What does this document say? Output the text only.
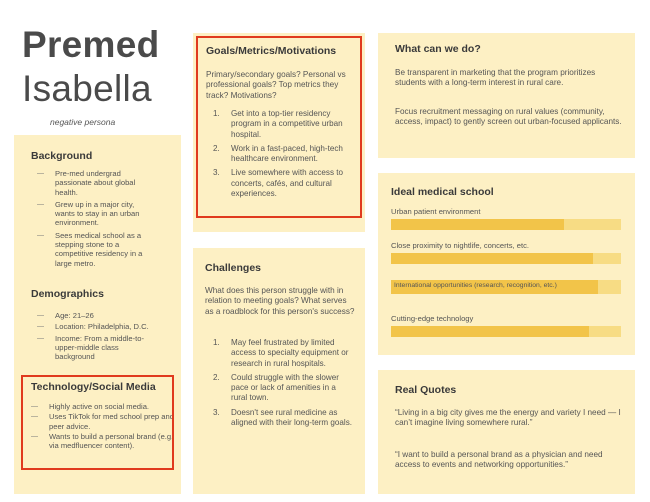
Premed
Isabella
negative persona
Background
— Pre-med undergrad passionate about global health.
— Grew up in a major city, wants to stay in an urban environment.
— Sees medical school as a stepping stone to a competitive residency in a large metro.
Demographics
— Age: 21–26
— Location: Philadelphia, D.C.
— Income: From a middle-to-upper-middle class background
Technology/Social Media
— Highly active on social media.
— Uses TikTok for med school prep and peer advice.
— Wants to build a personal brand (e.g. via medfluencer content).
Goals/Metrics/Motivations
Primary/secondary goals? Personal vs professional goals? Top metrics they track? Motivations?
1. Get into a top-tier residency program in a competitive urban hospital.
2. Work in a fast-paced, high-tech healthcare environment.
3. Live somewhere with access to concerts, cafés, and cultural experiences.
Challenges
What does this person struggle with in relation to meeting goals? What serves as a roadblock for this person's success?
1. May feel frustrated by limited access to specialty equipment or research in rural hospitals.
2. Could struggle with the slower pace or lack of amenities in a rural town.
3. Doesn't see rural medicine as aligned with their long-term goals.
What can we do?
Be transparent in marketing that the program prioritizes students with a long-term interest in rural care.
Focus recruitment messaging on rural values (community, access, impact) to gently screen out urban-focused applicants.
Ideal medical school
Urban patient environment
Close proximity to nightlife, concerts, etc.
International opportunities (research, recognition, etc.)
Cutting-edge technology
Real Quotes
“Living in a big city gives me the energy and variety I need — I can’t imagine living somewhere rural.”
“I want to build a personal brand as a physician and need access to events and networking opportunities.”
